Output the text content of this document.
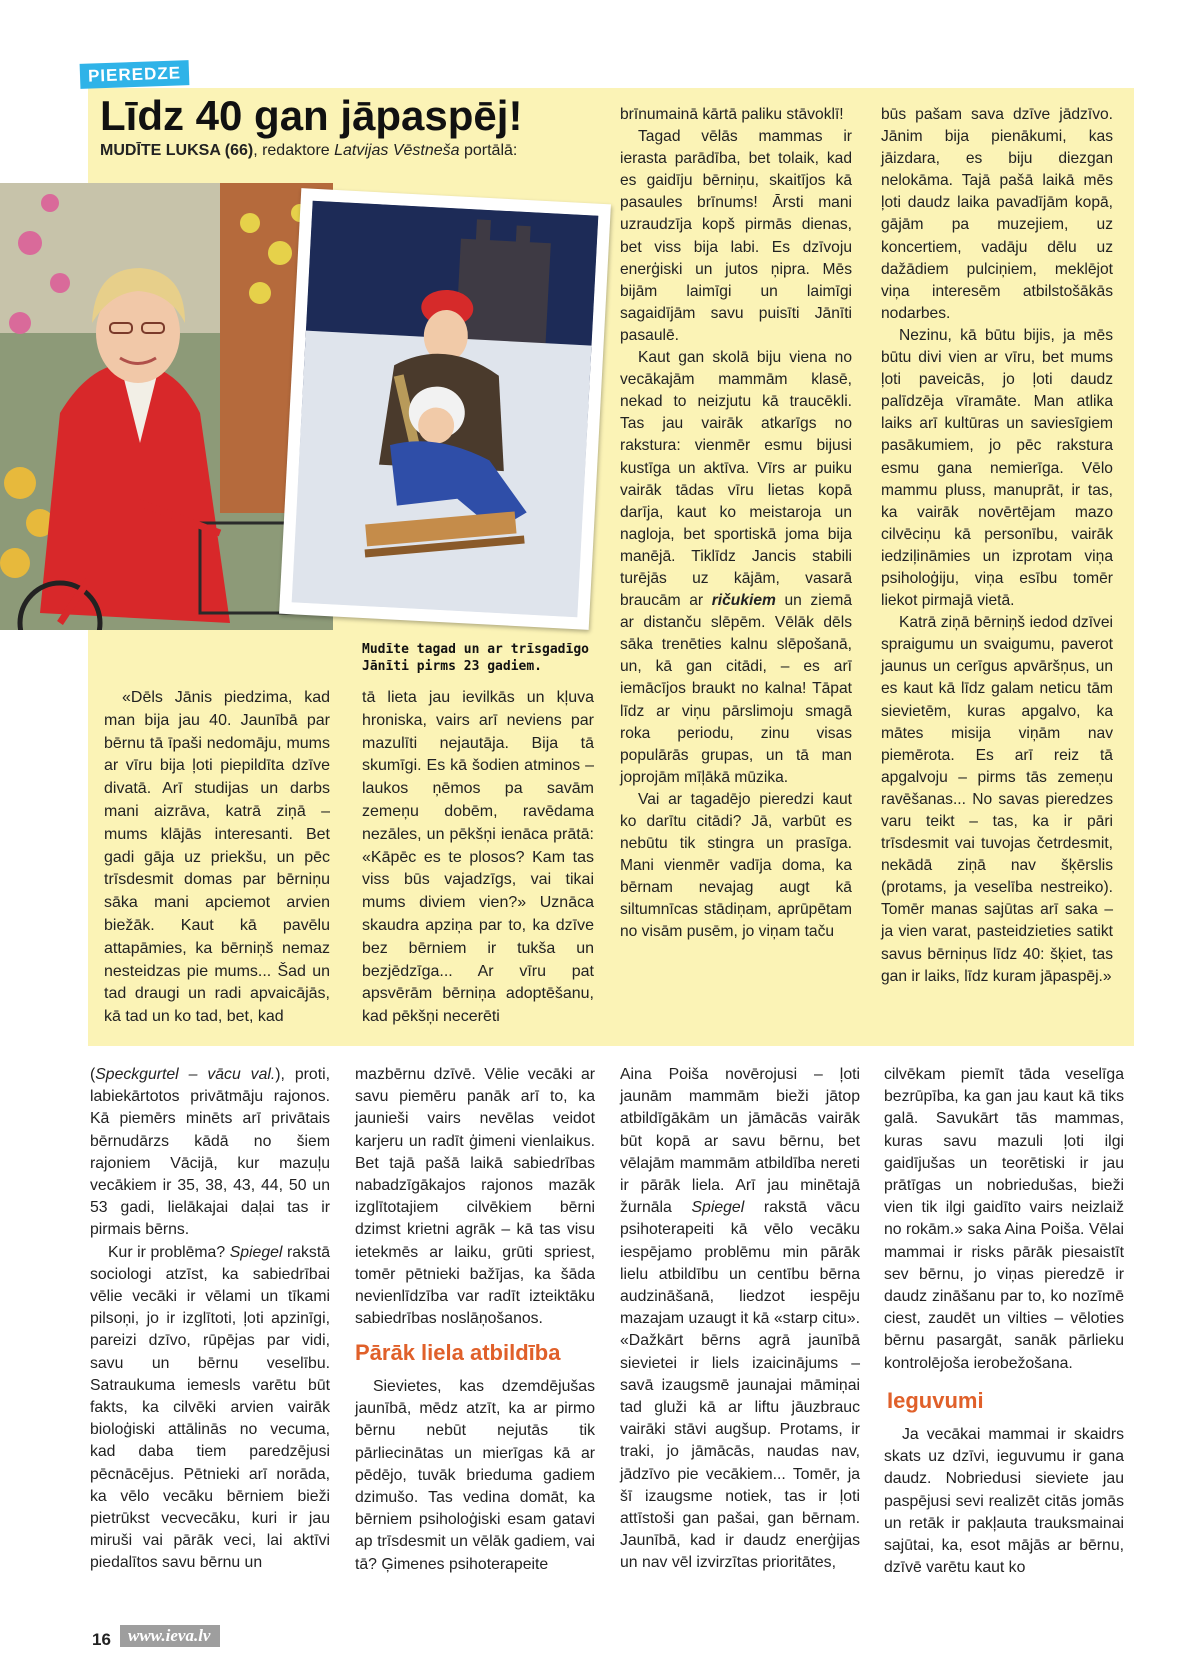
PIEREDZE
Līdz 40 gan jāpaspēj!
MUDĪTE LUKSA (66), redaktore Latvijas Vēstneša portālā:
Mudīte tagad un ar trīsgadīgo Jānīti pirms 23 gadiem.

«Dēls Jānis piedzima, kad man bija jau 40. Jaunībā par bērnu tā īpaši nedomāju, mums ar vīru bija ļoti piepildīta dzīve divatā. Arī studijas un darbs mani aizrāva, katrā ziņā – mums klājās interesanti. Bet gadi gāja uz priekšu, un pēc trīsdesmit domas par bērniņu sāka mani apciemot arvien biežāk. Kaut kā pavēlu attapāmies, ka bērniņš nemaz nesteidzas pie mums... Šad un tad draugi un radi apvaicājās, kā tad un ko tad, bet, kad

tā lieta jau ievilkās un kļuva hroniska, vairs arī neviens par mazulīti nejautāja. Bija tā skumīgi. Es kā šodien atminos – laukos ņēmos pa savām zemeņu dobēm, ravēdama nezāles, un pēkšņi ienāca prātā: «Kāpēc es te plosos? Kam tas viss būs vajadzīgs, vai tikai mums diviem vien?» Uznāca skaudra apziņa par to, ka dzīve bez bērniem ir tukša un bezjēdzīga... Ar vīru pat apsvērām bērniņa adoptēšanu, kad pēkšņi necerēti

brīnumainā kārtā paliku stāvoklī!

Tagad vēlās mammas ir ierasta parādība, bet tolaik, kad es gaidīju bērniņu, skaitījos kā pasaules brīnums! Ārsti mani uzraudzīja kopš pirmās dienas, bet viss bija labi. Es dzīvoju enerģiski un jutos ņipra. Mēs bijām laimīgi un laimīgi sagaidījām savu puisīti Jānīti pasaulē.

Kaut gan skolā biju viena no vecākajām mammām klasē, nekad to neizjutu kā traucēkli. Tas jau vairāk atkarīgs no rakstura: vienmēr esmu bijusi kustīga un aktīva. Vīrs ar puiku vairāk tādas vīru lietas kopā darīja, kaut ko meistaroja un nagloja, bet sportiskā joma bija manējā. Tiklīdz Jancis stabili turējās uz kājām, vasarā braucām ar ričukiem un ziemā ar distanču slēpēm. Vēlāk dēls sāka trenēties kalnu slēpošanā, un, kā gan citādi, – es arī iemācījos braukt no kalna! Tāpat līdz ar viņu pārslimoju smagā roka periodu, zinu visas populārās grupas, un tā man joprojām mīļākā mūzika.

Vai ar tagadējo pieredzi kaut ko darītu citādi? Jā, varbūt es nebūtu tik stingra un prasīga. Mani vienmēr vadīja doma, ka bērnam nevajag augt kā siltumnīcas stādiņam, aprūpētam no visām pusēm, jo viņam taču

būs pašam sava dzīve jādzīvo. Jānim bija pienākumi, kas jāizdara, es biju diezgan nelokāma. Tajā pašā laikā mēs ļoti daudz laika pavadījām kopā, gājām pa muzejiem, uz koncertiem, vadāju dēlu uz dažādiem pulciņiem, meklējot viņa interesēm atbilstošākās nodarbes.

Nezinu, kā būtu bijis, ja mēs būtu divi vien ar vīru, bet mums ļoti paveicās, jo ļoti daudz palīdzēja vīramāte. Man atlika laiks arī kultūras un saviesīgiem pasākumiem, jo pēc rakstura esmu gana nemierīga. Vēlo mammu pluss, manuprāt, ir tas, ka vairāk novērtējam mazo cilvēciņu kā personību, vairāk iedziļināmies un izprotam viņa psiholoģiju, viņa esību tomēr liekot pirmajā vietā.

Katrā ziņā bērniņš iedod dzīvei spraigumu un svaigumu, paverot jaunus un cerīgus apvāršņus, un es kaut kā līdz galam neticu tām sievietēm, kuras apgalvo, ka mātes misija viņām nav piemērota. Es arī reiz tā apgalvoju – pirms tās zemeņu ravēšanas... No savas pieredzes varu teikt – tas, ka ir pāri trīsdesmit vai tuvojas četrdesmit, nekādā ziņā nav šķērslis (protams, ja veselība nestreiko). Tomēr manas sajūtas arī saka – ja vien varat, pasteidzieties satikt savus bērniņus līdz 40: šķiet, tas gan ir laiks, līdz kuram jāpaspēj.»

(Speckgurtel – vācu val.), proti, labiekārtotos privātmāju rajonos. Kā piemērs minēts arī privātais bērnudārzs kādā no šiem rajoniem Vācijā, kur mazuļu vecākiem ir 35, 38, 43, 44, 50 un 53 gadi, lielākajai daļai tas ir pirmais bērns.

Kur ir problēma? Spiegel rakstā sociologi atzīst, ka sabiedrībai vēlie vecāki ir vēlami un tīkami pilsoņi, jo ir izglītoti, ļoti apzinīgi, pareizi dzīvo, rūpējas par vidi, savu un bērnu veselību. Satraukuma iemesls varētu būt fakts, ka cilvēki arvien vairāk bioloģiski attālinās no vecuma, kad daba tiem paredzējusi pēcnācējus. Pētnieki arī norāda, ka vēlo vecāku bērniem bieži pietrūkst vecvecāku, kuri ir jau miruši vai pārāk veci, lai aktīvi piedalītos savu bērnu un

mazbērnu dzīvē. Vēlie vecāki ar savu piemēru panāk arī to, ka jaunieši vairs nevēlas veidot karjeru un radīt ģimeni vienlaikus. Bet tajā pašā laikā sabiedrības nabadzīgākajos rajonos mazāk izglītotajiem cilvēkiem bērni dzimst krietni agrāk – kā tas visu ietekmēs ar laiku, grūti spriest, tomēr pētnieki bažījas, ka šāda nevienlīdzība var radīt izteiktāku sabiedrības noslāņošanos.

Pārāk liela atbildība

Sievietes, kas dzemdējušas jaunībā, mēdz atzīt, ka ar pirmo bērnu nebūt nejutās tik pārliecinātas un mierīgas kā ar pēdējo, tuvāk brieduma gadiem dzimušo. Tas vedina domāt, ka bērniem psiholoģiski esam gatavi ap trīsdesmit un vēlāk gadiem, vai tā? Ģimenes psihoterapeite

Aina Poiša novērojusi – ļoti jaunām mammām bieži jātop atbildīgākām un jāmācās vairāk būt kopā ar savu bērnu, bet vēlajām mammām atbildība nereti ir pārāk liela. Arī jau minētajā žurnāla Spiegel rakstā vācu psihoterapeiti kā vēlo vecāku iespējamo problēmu min pārāk lielu atbildību un centību bērna audzināšanā, liedzot iespēju mazajam uzaugt it kā «starp citu». «Dažkārt bērns agrā jaunībā sievietei ir liels izaicinājums – savā izaugsmē jaunajai māmiņai tad gluži kā ar liftu jāuzbrauc vairāki stāvi augšup. Protams, ir traki, jo jāmācās, naudas nav, jādzīvo pie vecākiem... Tomēr, ja šī izaugsme notiek, tas ir ļoti attīstoši gan pašai, gan bērnam. Jaunībā, kad ir daudz enerģijas un nav vēl izvirzītas prioritātes,

cilvēkam piemīt tāda veselīga bezrūpība, ka gan jau kaut kā tiks galā. Savukārt tās mammas, kuras savu mazuli ļoti ilgi gaidījušas un teorētiski ir jau prātīgas un nobriedušas, bieži vien tik ilgi gaidīto vairs neizlaiž no rokām.» saka Aina Poiša. Vēlai mammai ir risks pārāk piesaistīt sev bērnu, jo viņas pieredzē ir daudz zināšanu par to, ko nozīmē ciest, zaudēt un vilties – vēloties bērnu pasargāt, sanāk pārlieku kontrolējoša ierobežošana.

Ieguvumi

Ja vecākai mammai ir skaidrs skats uz dzīvi, ieguvumu ir gana daudz. Nobriedusi sieviete jau paspējusi sevi realizēt citās jomās un retāk ir pakļauta trauksmainai sajūtai, ka, esot mājās ar bērnu, dzīvē varētu kaut ko

16	www.ieva.lv
